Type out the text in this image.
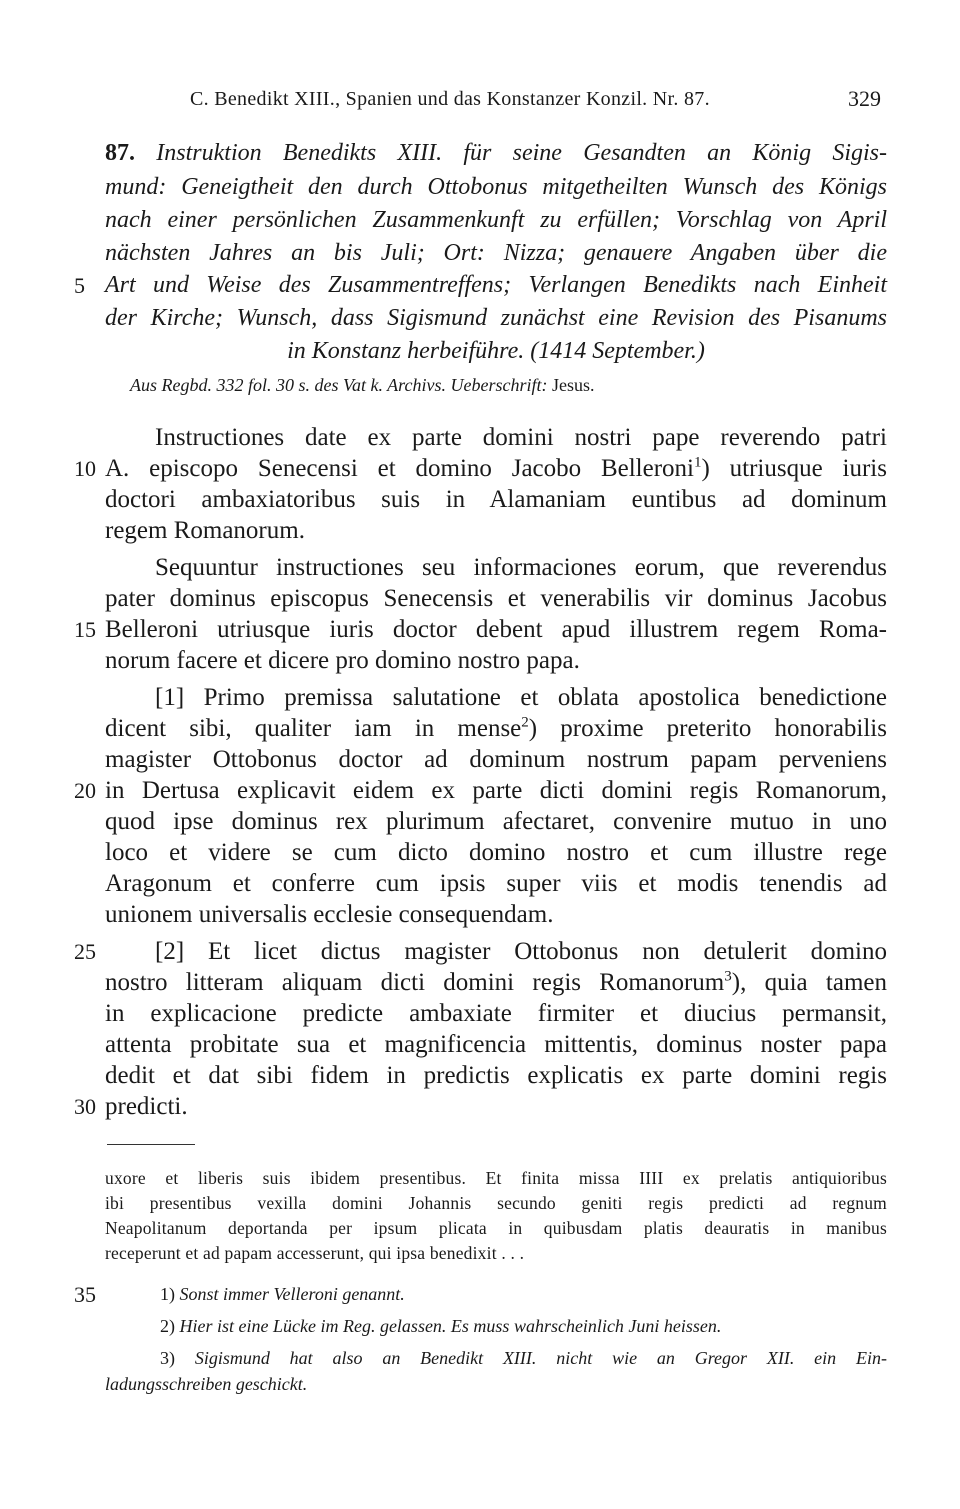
C. Benedikt XIII., Spanien und das Konstanzer Konzil. Nr. 87.	329
87. Instruktion Benedikts XIII. für seine Gesandten an König Sigis-
mund: Geneigtheit den durch Ottobonus mitgetheilten Wunsch des Königs
nach einer persönlichen Zusammenkunft zu erfüllen; Vorschlag von April
nächsten Jahres an bis Juli; Ort: Nizza; genauere Angaben über die
5 Art und Weise des Zusammentreffens; Verlangen Benedikts nach Einheit
der Kirche; Wunsch, dass Sigismund zunächst eine Revision des Pisanums
in Konstanz herbeiführe. (1414 September.)
Aus Regbd. 332 fol. 30 s. des Vat k. Archivs. Ueberschrift: Jesus.
Instructiones date ex parte domini nostri pape reverendo patri
10 A. episcopo Senecensi et domino Jacobo Belleroni$^1$) utriusque iuris
doctori ambaxiatoribus suis in Alamaniam euntibus ad dominum
regem Romanorum.
Sequuntur instructiones seu informaciones eorum, que reverendus
pater dominus episcopus Senecensis et venerabilis vir dominus Jacobus
15 Belleroni utriusque iuris doctor debent apud illustrem regem Roma-
norum facere et dicere pro domino nostro papa.
[1] Primo premissa salutatione et oblata apostolica benedictione
dicent sibi, qualiter iam in mense$^2$) proxime preterito honorabilis
magister Ottobonus doctor ad dominum nostrum papam perveniens
20 in Dertusa explicavit eidem ex parte dicti domini regis Romanorum,
quod ipse dominus rex plurimum afectaret, convenire mutuo in uno
loco et videre se cum dicto domino nostro et cum illustre rege
Aragonum et conferre cum ipsis super viis et modis tenendis ad
unionem universalis ecclesie consequendam.
25	[2] Et licet dictus magister Ottobonus non detulerit domino
nostro litteram aliquam dicti domini regis Romanorum$^3$), quia tamen
in explicacione predicte ambaxiate firmiter et diucius permansit,
attenta probitate sua et magnificencia mittentis, dominus noster papa
dedit et dat sibi fidem in predictis explicatis ex parte domini regis
30 predicti.
uxore et liberis suis ibidem presentibus. Et finita missa IIII ex prelatis antiquioribus
ibi presentibus vexilla domini Johannis secundo geniti regis predicti ad regnum
Neapolitanum deportanda per ipsum plicata in quibusdam platis deauratis in manibus
receperunt et ad papam accesserunt, qui ipsa benedixit . . .
35	1) Sonst immer Velleroni genannt.
2) Hier ist eine Lücke im Reg. gelassen. Es muss wahrscheinlich Juni heissen.
3) Sigismund hat also an Benedikt XIII. nicht wie an Gregor XII. ein Ein-
ladungsschreiben geschickt.
